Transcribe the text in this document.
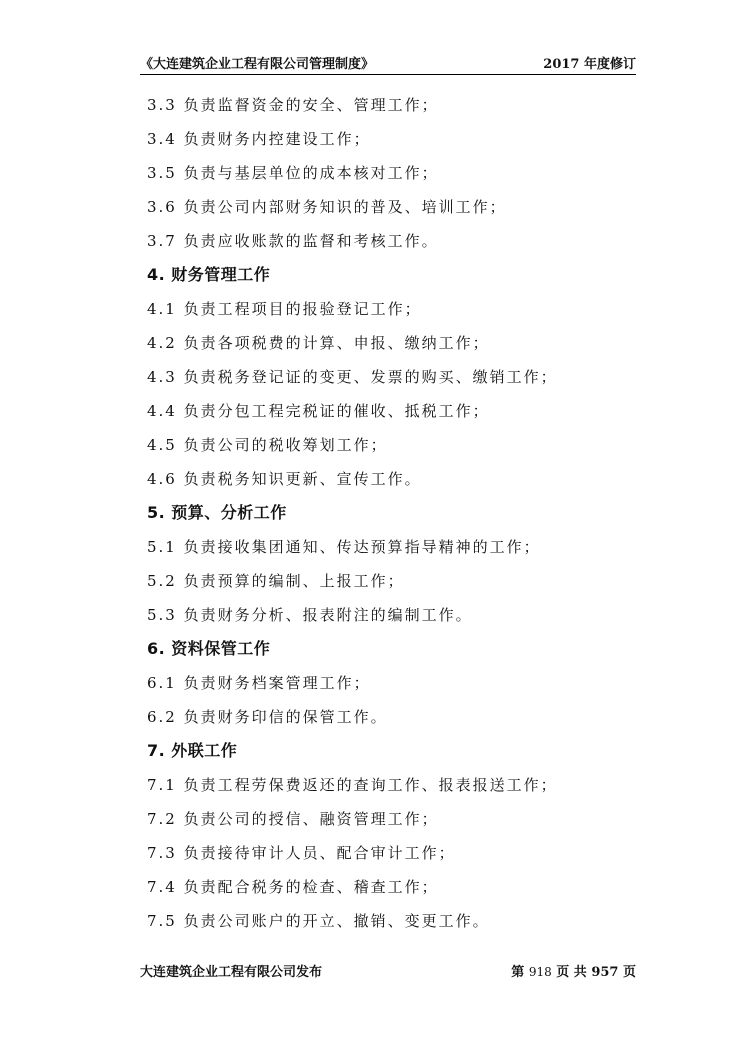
《大连建筑企业工程有限公司管理制度》	2017 年度修订
3.3 负责监督资金的安全、管理工作；
3.4 负责财务内控建设工作；
3.5 负责与基层单位的成本核对工作；
3.6 负责公司内部财务知识的普及、培训工作；
3.7 负责应收账款的监督和考核工作。
4. 财务管理工作
4.1 负责工程项目的报验登记工作；
4.2 负责各项税费的计算、申报、缴纳工作；
4.3 负责税务登记证的变更、发票的购买、缴销工作；
4.4 负责分包工程完税证的催收、抵税工作；
4.5 负责公司的税收筹划工作；
4.6 负责税务知识更新、宣传工作。
5. 预算、分析工作
5.1 负责接收集团通知、传达预算指导精神的工作；
5.2 负责预算的编制、上报工作；
5.3 负责财务分析、报表附注的编制工作。
6. 资料保管工作
6.1 负责财务档案管理工作；
6.2 负责财务印信的保管工作。
7. 外联工作
7.1 负责工程劳保费返还的查询工作、报表报送工作；
7.2 负责公司的授信、融资管理工作；
7.3 负责接待审计人员、配合审计工作；
7.4 负责配合税务的检查、稽查工作；
7.5 负责公司账户的开立、撤销、变更工作。
大连建筑企业工程有限公司发布	第 918 页 共 957 页
